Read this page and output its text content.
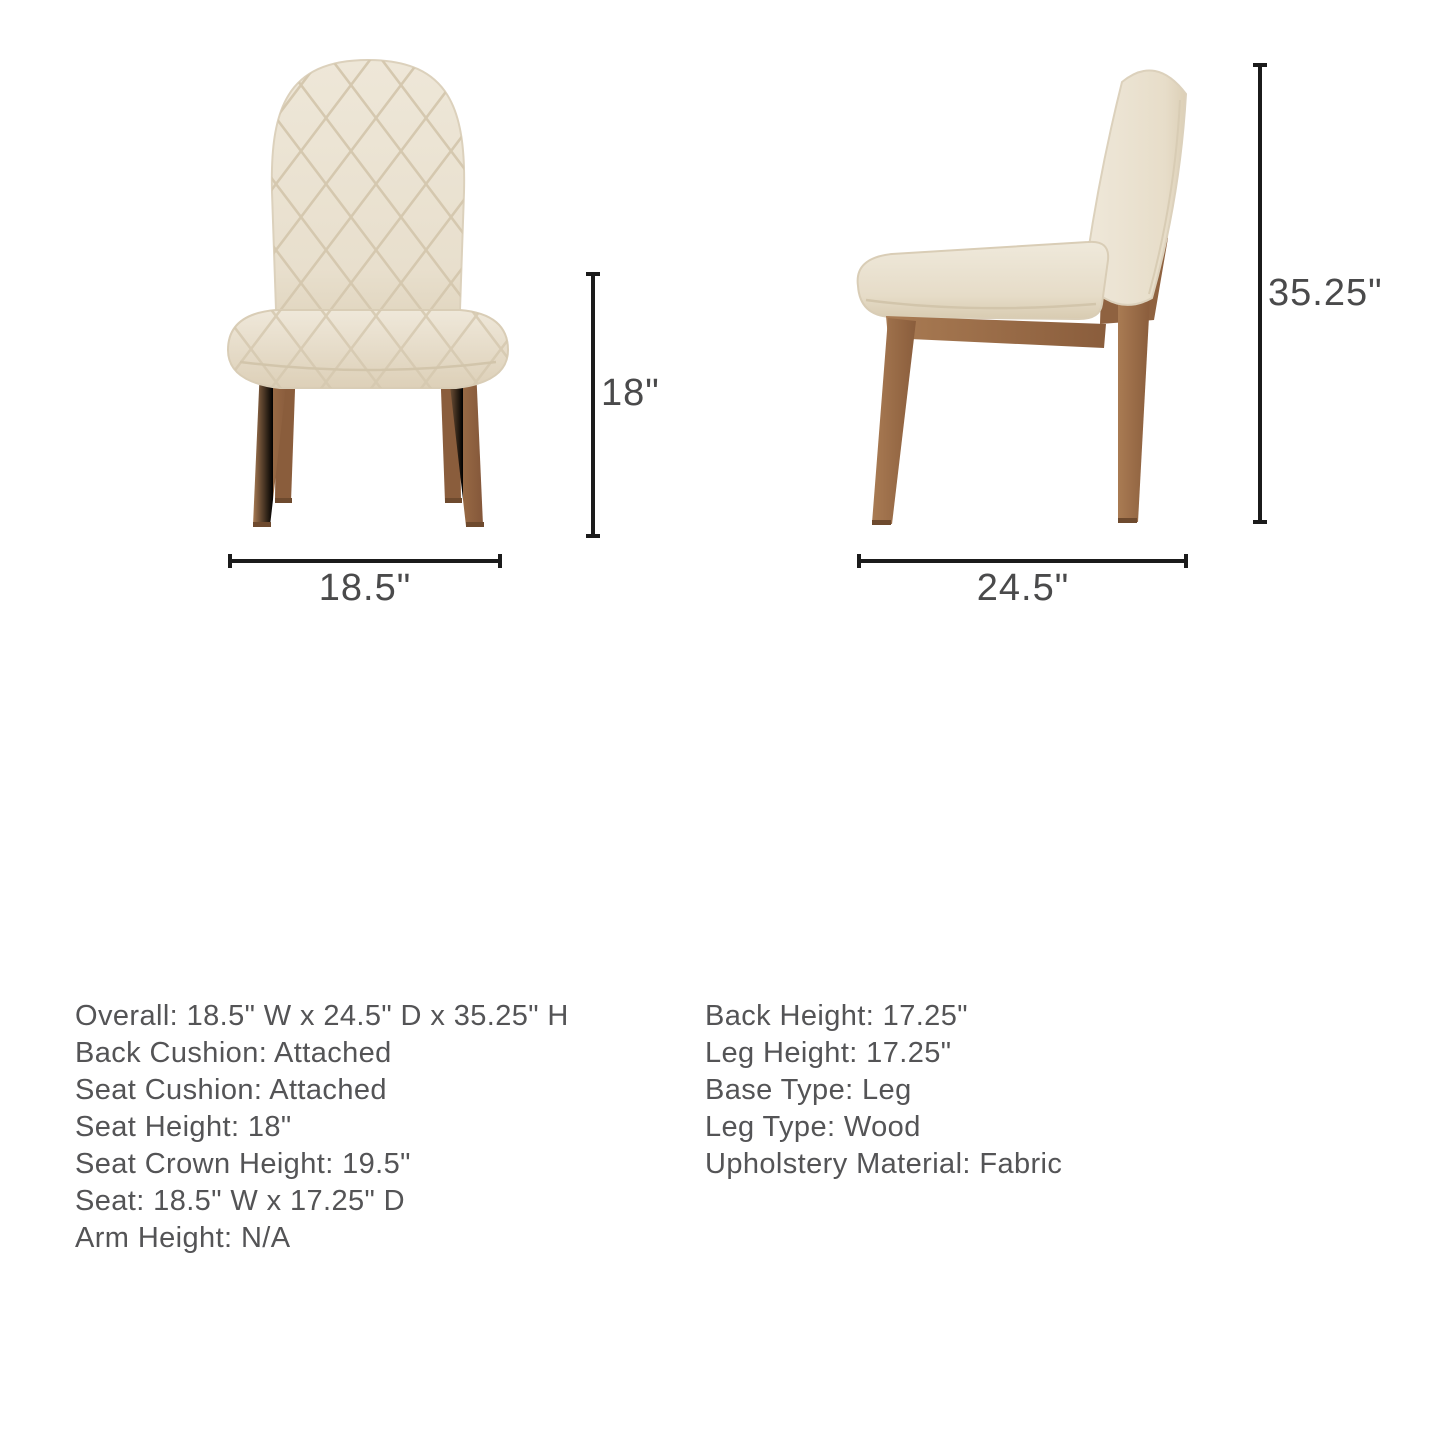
18"
18.5"
35.25"
24.5"
Overall: 18.5" W x 24.5" D x 35.25" H
Back Cushion: Attached
Seat Cushion: Attached
Seat Height: 18"
Seat Crown Height: 19.5"
Seat: 18.5" W x 17.25" D
Arm Height: N/A
Back Height: 17.25"
Leg Height: 17.25"
Base Type: Leg
Leg Type: Wood
Upholstery Material: Fabric
